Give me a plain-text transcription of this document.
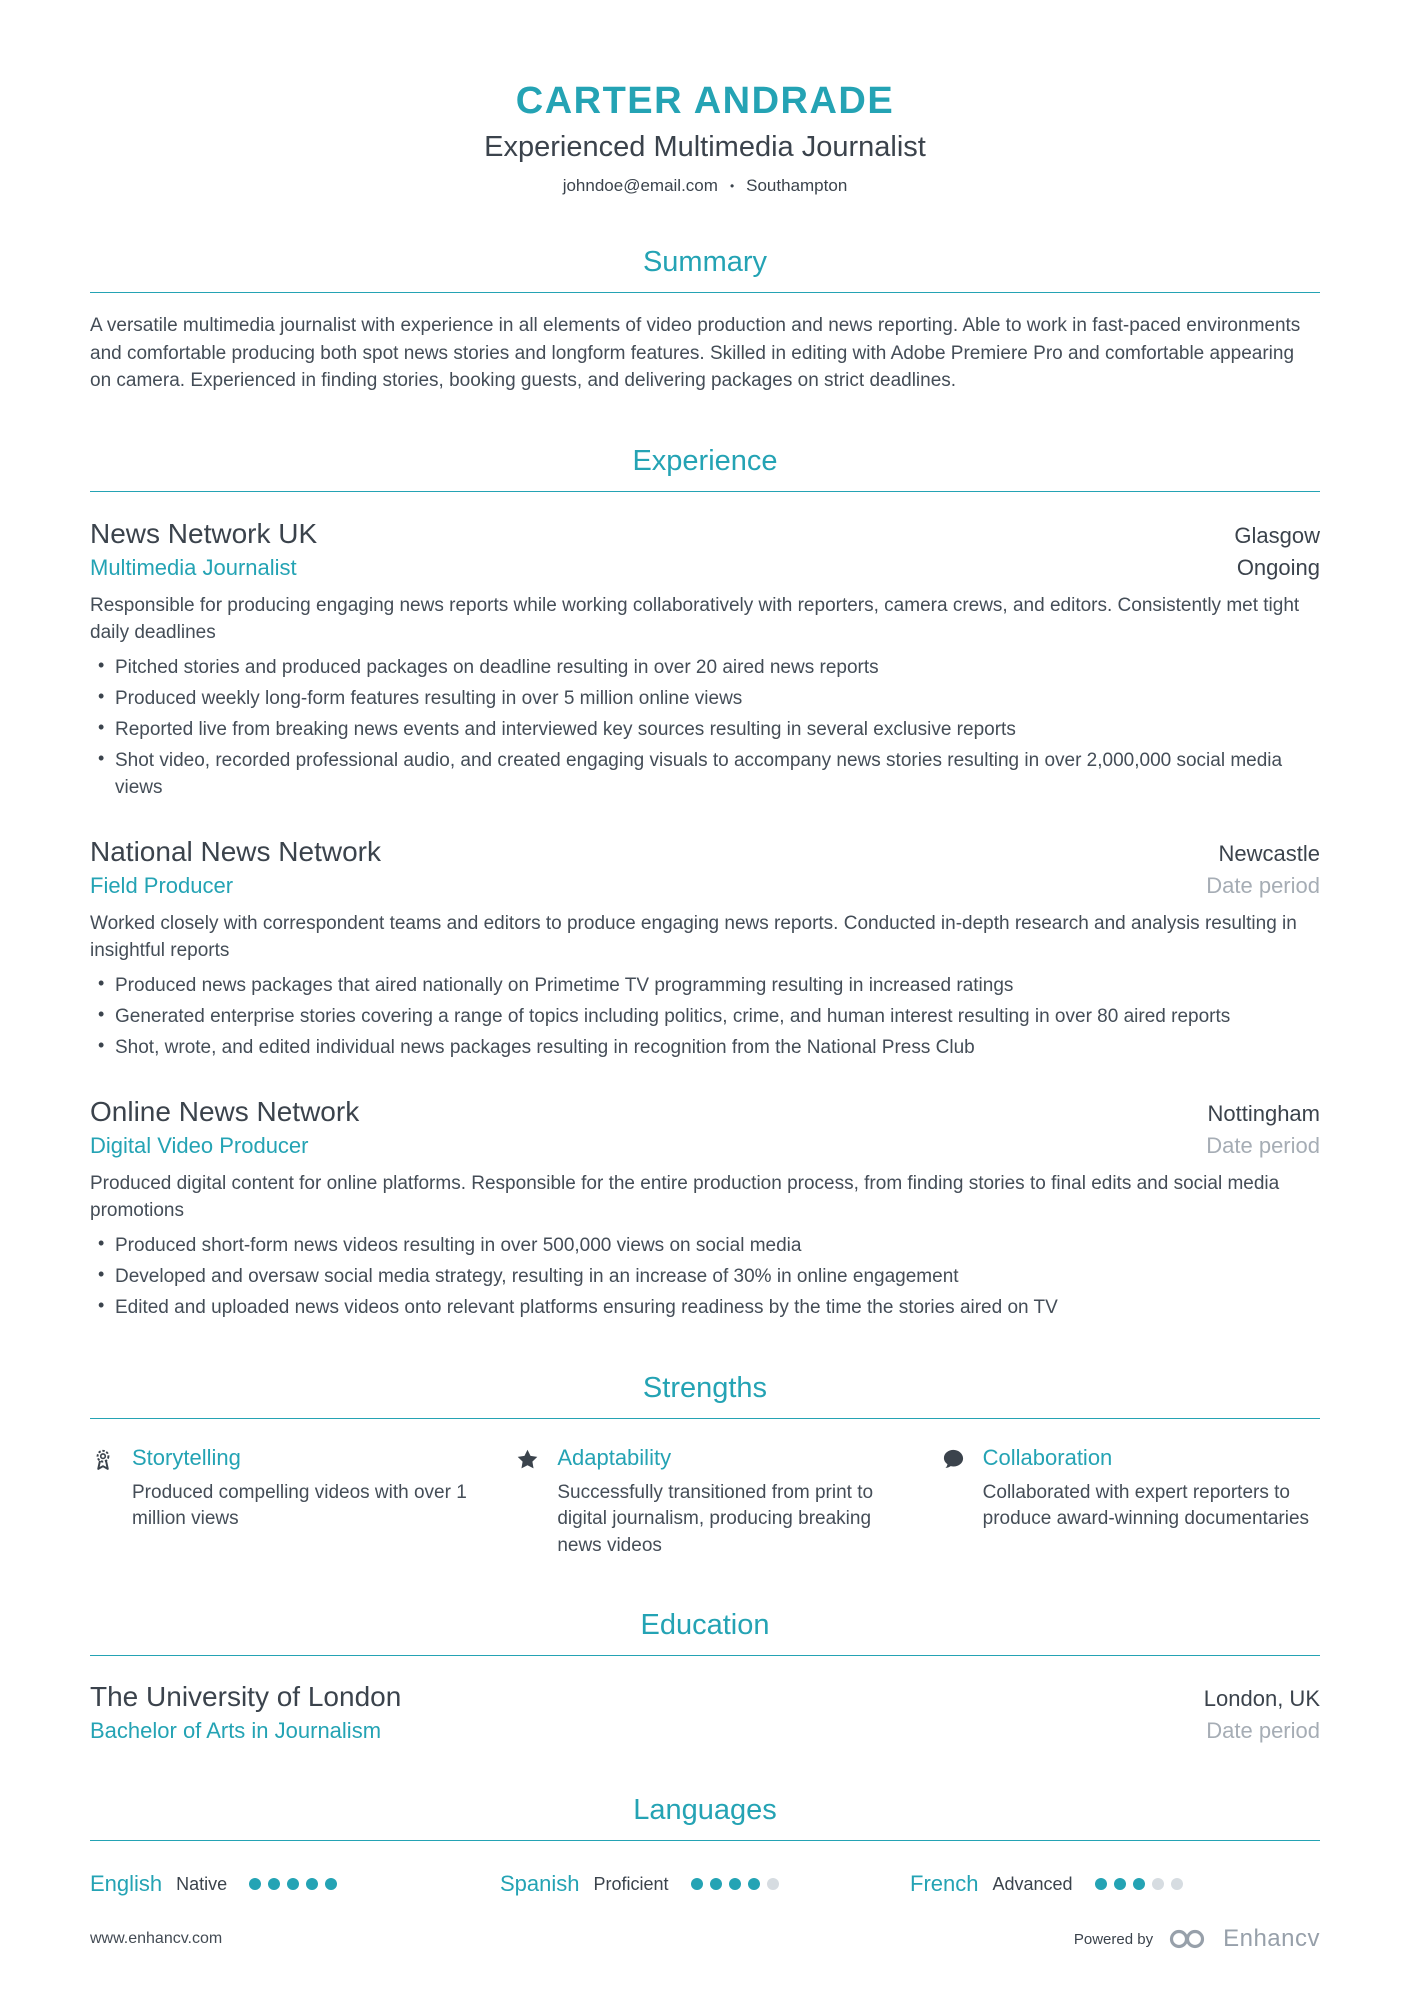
CARTER ANDRADE
Experienced Multimedia Journalist
johndoe@email.com • Southampton
Summary

A versatile multimedia journalist with experience in all elements of video production and news reporting. Able to work in fast-paced environments and comfortable producing both spot news stories and longform features. Skilled in editing with Adobe Premiere Pro and comfortable appearing on camera. Experienced in finding stories, booking guests, and delivering packages on strict deadlines.

Experience
News Network UK	Glasgow
Multimedia Journalist	Ongoing

Responsible for producing engaging news reports while working collaboratively with reporters, camera crews, and editors. Consistently met tight daily deadlines

• Pitched stories and produced packages on deadline resulting in over 20 aired news reports
• Produced weekly long-form features resulting in over 5 million online views
• Reported live from breaking news events and interviewed key sources resulting in several exclusive reports
• Shot video, recorded professional audio, and created engaging visuals to accompany news stories resulting in over 2,000,000 social media views
National News Network	Newcastle
Field Producer	Date period

Worked closely with correspondent teams and editors to produce engaging news reports. Conducted in-depth research and analysis resulting in insightful reports

• Produced news packages that aired nationally on Primetime TV programming resulting in increased ratings
• Generated enterprise stories covering a range of topics including politics, crime, and human interest resulting in over 80 aired reports
• Shot, wrote, and edited individual news packages resulting in recognition from the National Press Club
Online News Network	Nottingham
Digital Video Producer	Date period

Produced digital content for online platforms. Responsible for the entire production process, from finding stories to final edits and social media promotions

• Produced short-form news videos resulting in over 500,000 views on social media
• Developed and oversaw social media strategy, resulting in an increase of 30% in online engagement
• Edited and uploaded news videos onto relevant platforms ensuring readiness by the time the stories aired on TV
Strengths
Storytelling

Produced compelling videos with over 1 million views

Adaptability

Successfully transitioned from print to digital journalism, producing breaking news videos

Collaboration

Collaborated with expert reporters to produce award-winning documentaries

Education
The University of London	London, UK
Bachelor of Arts in Journalism	Date period
Languages
English Native	Spanish Proficient	French Advanced
www.enhancv.com	Powered by	Enhancv
